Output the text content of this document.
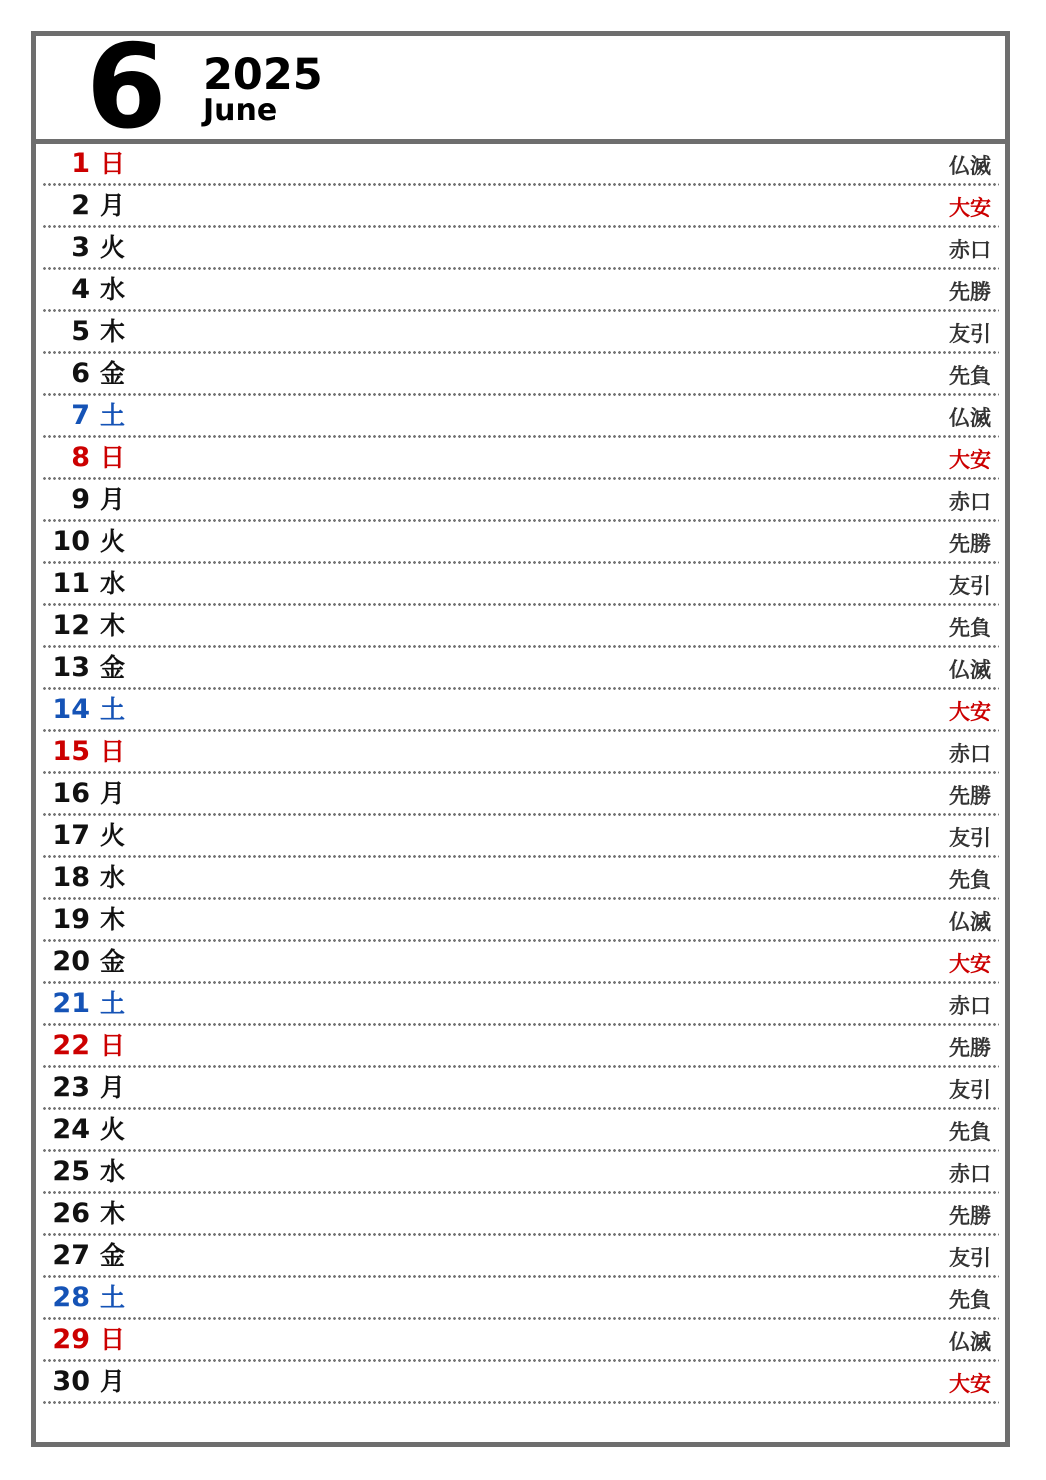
6 2025
June
1 日	仏滅
2 月	大安
3 火	赤口
4 水	先勝
5 木	友引
6 金	先負
7 土	仏滅
8 日	大安
9 月	赤口
10 火	先勝
11 水	友引
12 木	先負
13 金	仏滅
14 土	大安
15 日	赤口
16 月	先勝
17 火	友引
18 水	先負
19 木	仏滅
20 金	大安
21 土	赤口
22 日	先勝
23 月	友引
24 火	先負
25 水	赤口
26 木	先勝
27 金	友引
28 土	先負
29 日	仏滅
30 月	大安
